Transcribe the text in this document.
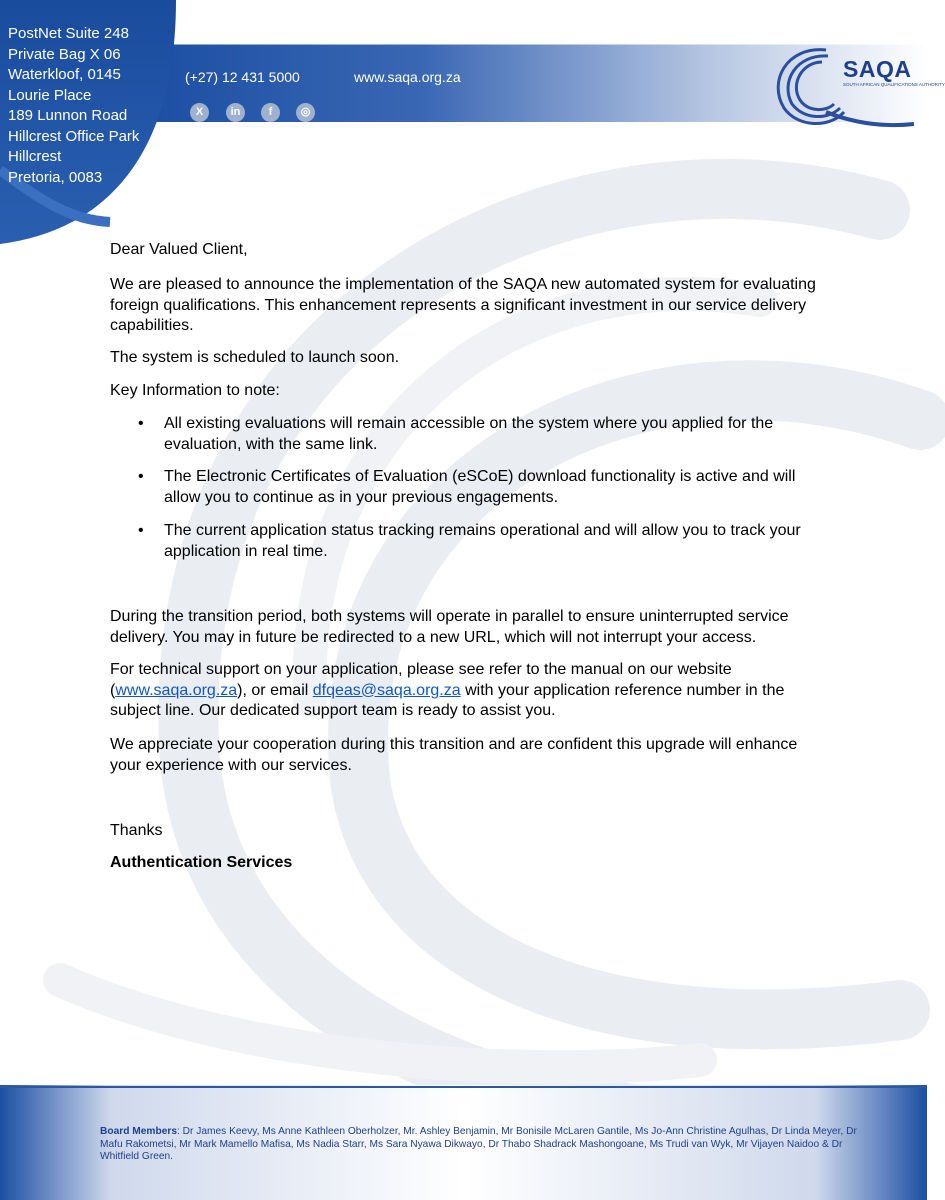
PostNet Suite 248
Private Bag X 06
Waterkloof, 0145
Lourie Place
189 Lunnon Road
Hillcrest Office Park
Hillcrest
Pretoria, 0083
(+27) 12 431 5000	www.saqa.org.za
X	in	f	◎
SAQA
SOUTH AFRICAN QUALIFICATIONS AUTHORITY
Dear Valued Client,
We are pleased to announce the implementation of the SAQA new automated system for evaluating foreign qualifications. This enhancement represents a significant investment in our service delivery capabilities.
The system is scheduled to launch soon.
Key Information to note:
• All existing evaluations will remain accessible on the system where you applied for the evaluation, with the same link.
• The Electronic Certificates of Evaluation (eSCoE) download functionality is active and will allow you to continue as in your previous engagements.
• The current application status tracking remains operational and will allow you to track your application in real time.
During the transition period, both systems will operate in parallel to ensure uninterrupted service delivery. You may in future be redirected to a new URL, which will not interrupt your access.
For technical support on your application, please see refer to the manual on our website (www.saqa.org.za), or email dfqeas@saqa.org.za with your application reference number in the subject line. Our dedicated support team is ready to assist you.
We appreciate your cooperation during this transition and are confident this upgrade will enhance your experience with our services.
Thanks
Authentication Services
Board Members: Dr James Keevy, Ms Anne Kathleen Oberholzer, Mr. Ashley Benjamin, Mr Bonisile McLaren Gantile, Ms Jo-Ann Christine Agulhas, Dr Linda Meyer, Dr Mafu Rakometsi, Mr Mark Mamello Mafisa, Ms Nadia Starr, Ms Sara Nyawa Dikwayo, Dr Thabo Shadrack Mashongoane, Ms Trudi van Wyk, Mr Vijayen Naidoo & Dr Whitfield Green.
